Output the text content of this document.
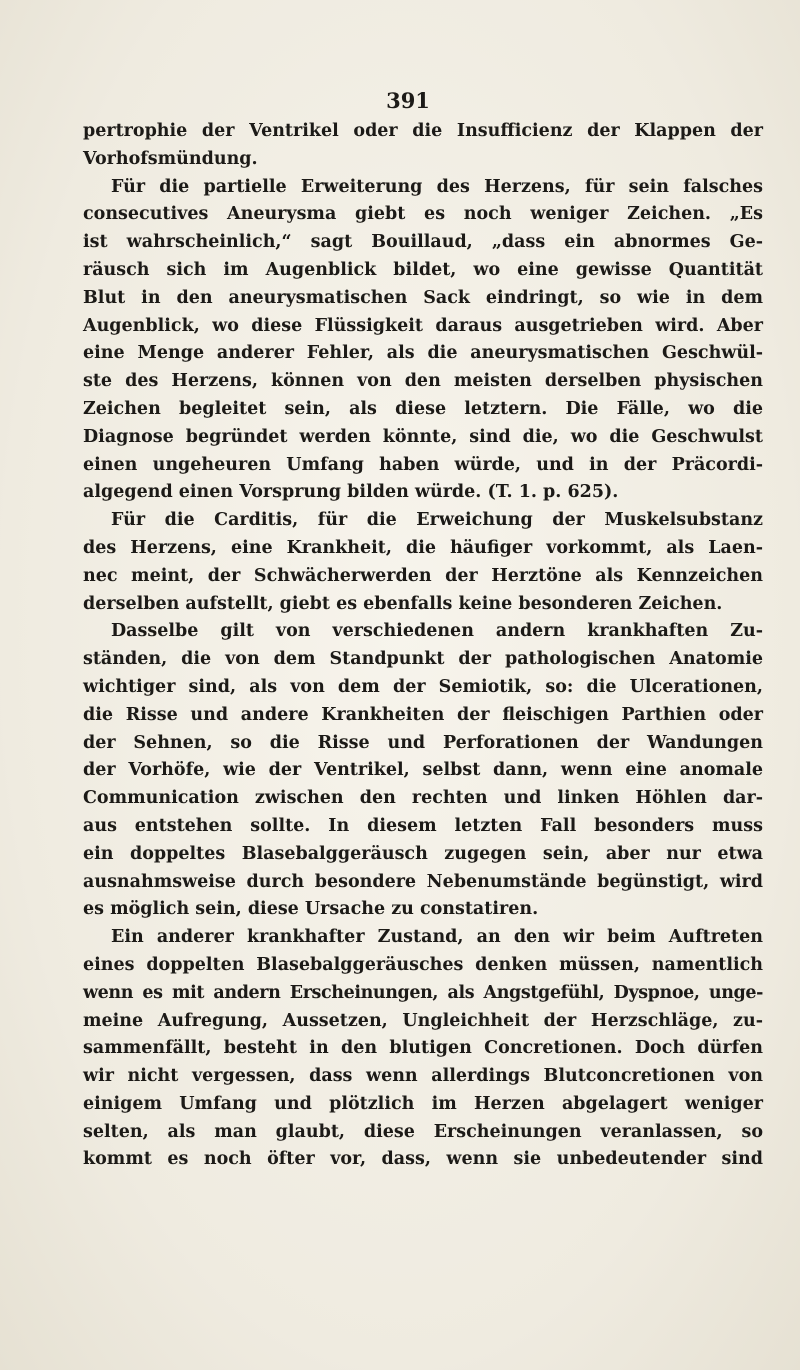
391
pertrophie der Ventrikel oder die Insufficienz der Klappen der
Vorhofsmündung.
Für die partielle Erweiterung des Herzens, für sein falsches
consecutives Aneurysma giebt es noch weniger Zeichen. „Es
ist wahrscheinlich,“ sagt Bouillaud, „dass ein abnormes Ge-
räusch sich im Augenblick bildet, wo eine gewisse Quantität
Blut in den aneurysmatischen Sack eindringt, so wie in dem
Augenblick, wo diese Flüssigkeit daraus ausgetrieben wird. Aber
eine Menge anderer Fehler, als die aneurysmatischen Geschwül-
ste des Herzens, können von den meisten derselben physischen
Zeichen begleitet sein, als diese letztern. Die Fälle, wo die
Diagnose begründet werden könnte, sind die, wo die Geschwulst
einen ungeheuren Umfang haben würde, und in der Präcordi-
algegend einen Vorsprung bilden würde. (T. 1. p. 625).
Für die Carditis, für die Erweichung der Muskelsubstanz
des Herzens, eine Krankheit, die häufiger vorkommt, als Laen-
nec meint, der Schwächerwerden der Herztöne als Kennzeichen
derselben aufstellt, giebt es ebenfalls keine besonderen Zeichen.
Dasselbe gilt von verschiedenen andern krankhaften Zu-
ständen, die von dem Standpunkt der pathologischen Anatomie
wichtiger sind, als von dem der Semiotik, so: die Ulcerationen,
die Risse und andere Krankheiten der fleischigen Parthien oder
der Sehnen, so die Risse und Perforationen der Wandungen
der Vorhöfe, wie der Ventrikel, selbst dann, wenn eine anomale
Communication zwischen den rechten und linken Höhlen dar-
aus entstehen sollte. In diesem letzten Fall besonders muss
ein doppeltes Blasebalggeräusch zugegen sein, aber nur etwa
ausnahmsweise durch besondere Nebenumstände begünstigt, wird
es möglich sein, diese Ursache zu constatiren.
Ein anderer krankhafter Zustand, an den wir beim Auftreten
eines doppelten Blasebalggeräusches denken müssen, namentlich
wenn es mit andern Erscheinungen, als Angstgefühl, Dyspnoe, unge-
meine Aufregung, Aussetzen, Ungleichheit der Herzschläge, zu-
sammenfällt, besteht in den blutigen Concretionen. Doch dürfen
wir nicht vergessen, dass wenn allerdings Blutconcretionen von
einigem Umfang und plötzlich im Herzen abgelagert weniger
selten, als man glaubt, diese Erscheinungen veranlassen, so
kommt es noch öfter vor, dass, wenn sie unbedeutender sind
